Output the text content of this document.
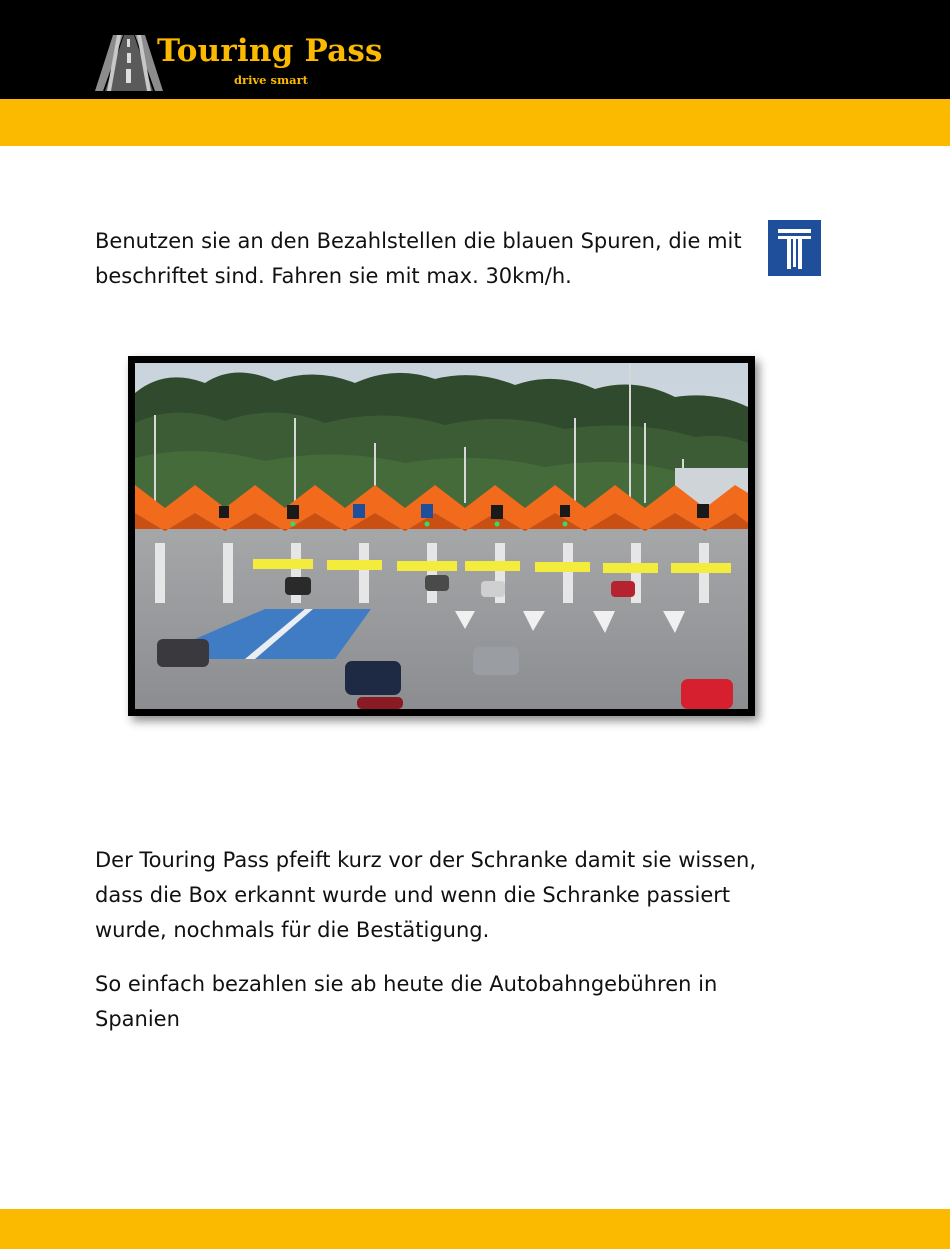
Touring Pass
drive smart

Benutzen sie an den Bezahlstellen die blauen Spuren, die mit beschriftet sind. Fahren sie mit max. 30km/h.

Der Touring Pass pfeift kurz vor der Schranke damit sie wissen, dass die Box erkannt wurde und wenn die Schranke passiert wurde, nochmals für die Bestätigung.

So einfach bezahlen sie ab heute die Autobahngebühren in Spanien
